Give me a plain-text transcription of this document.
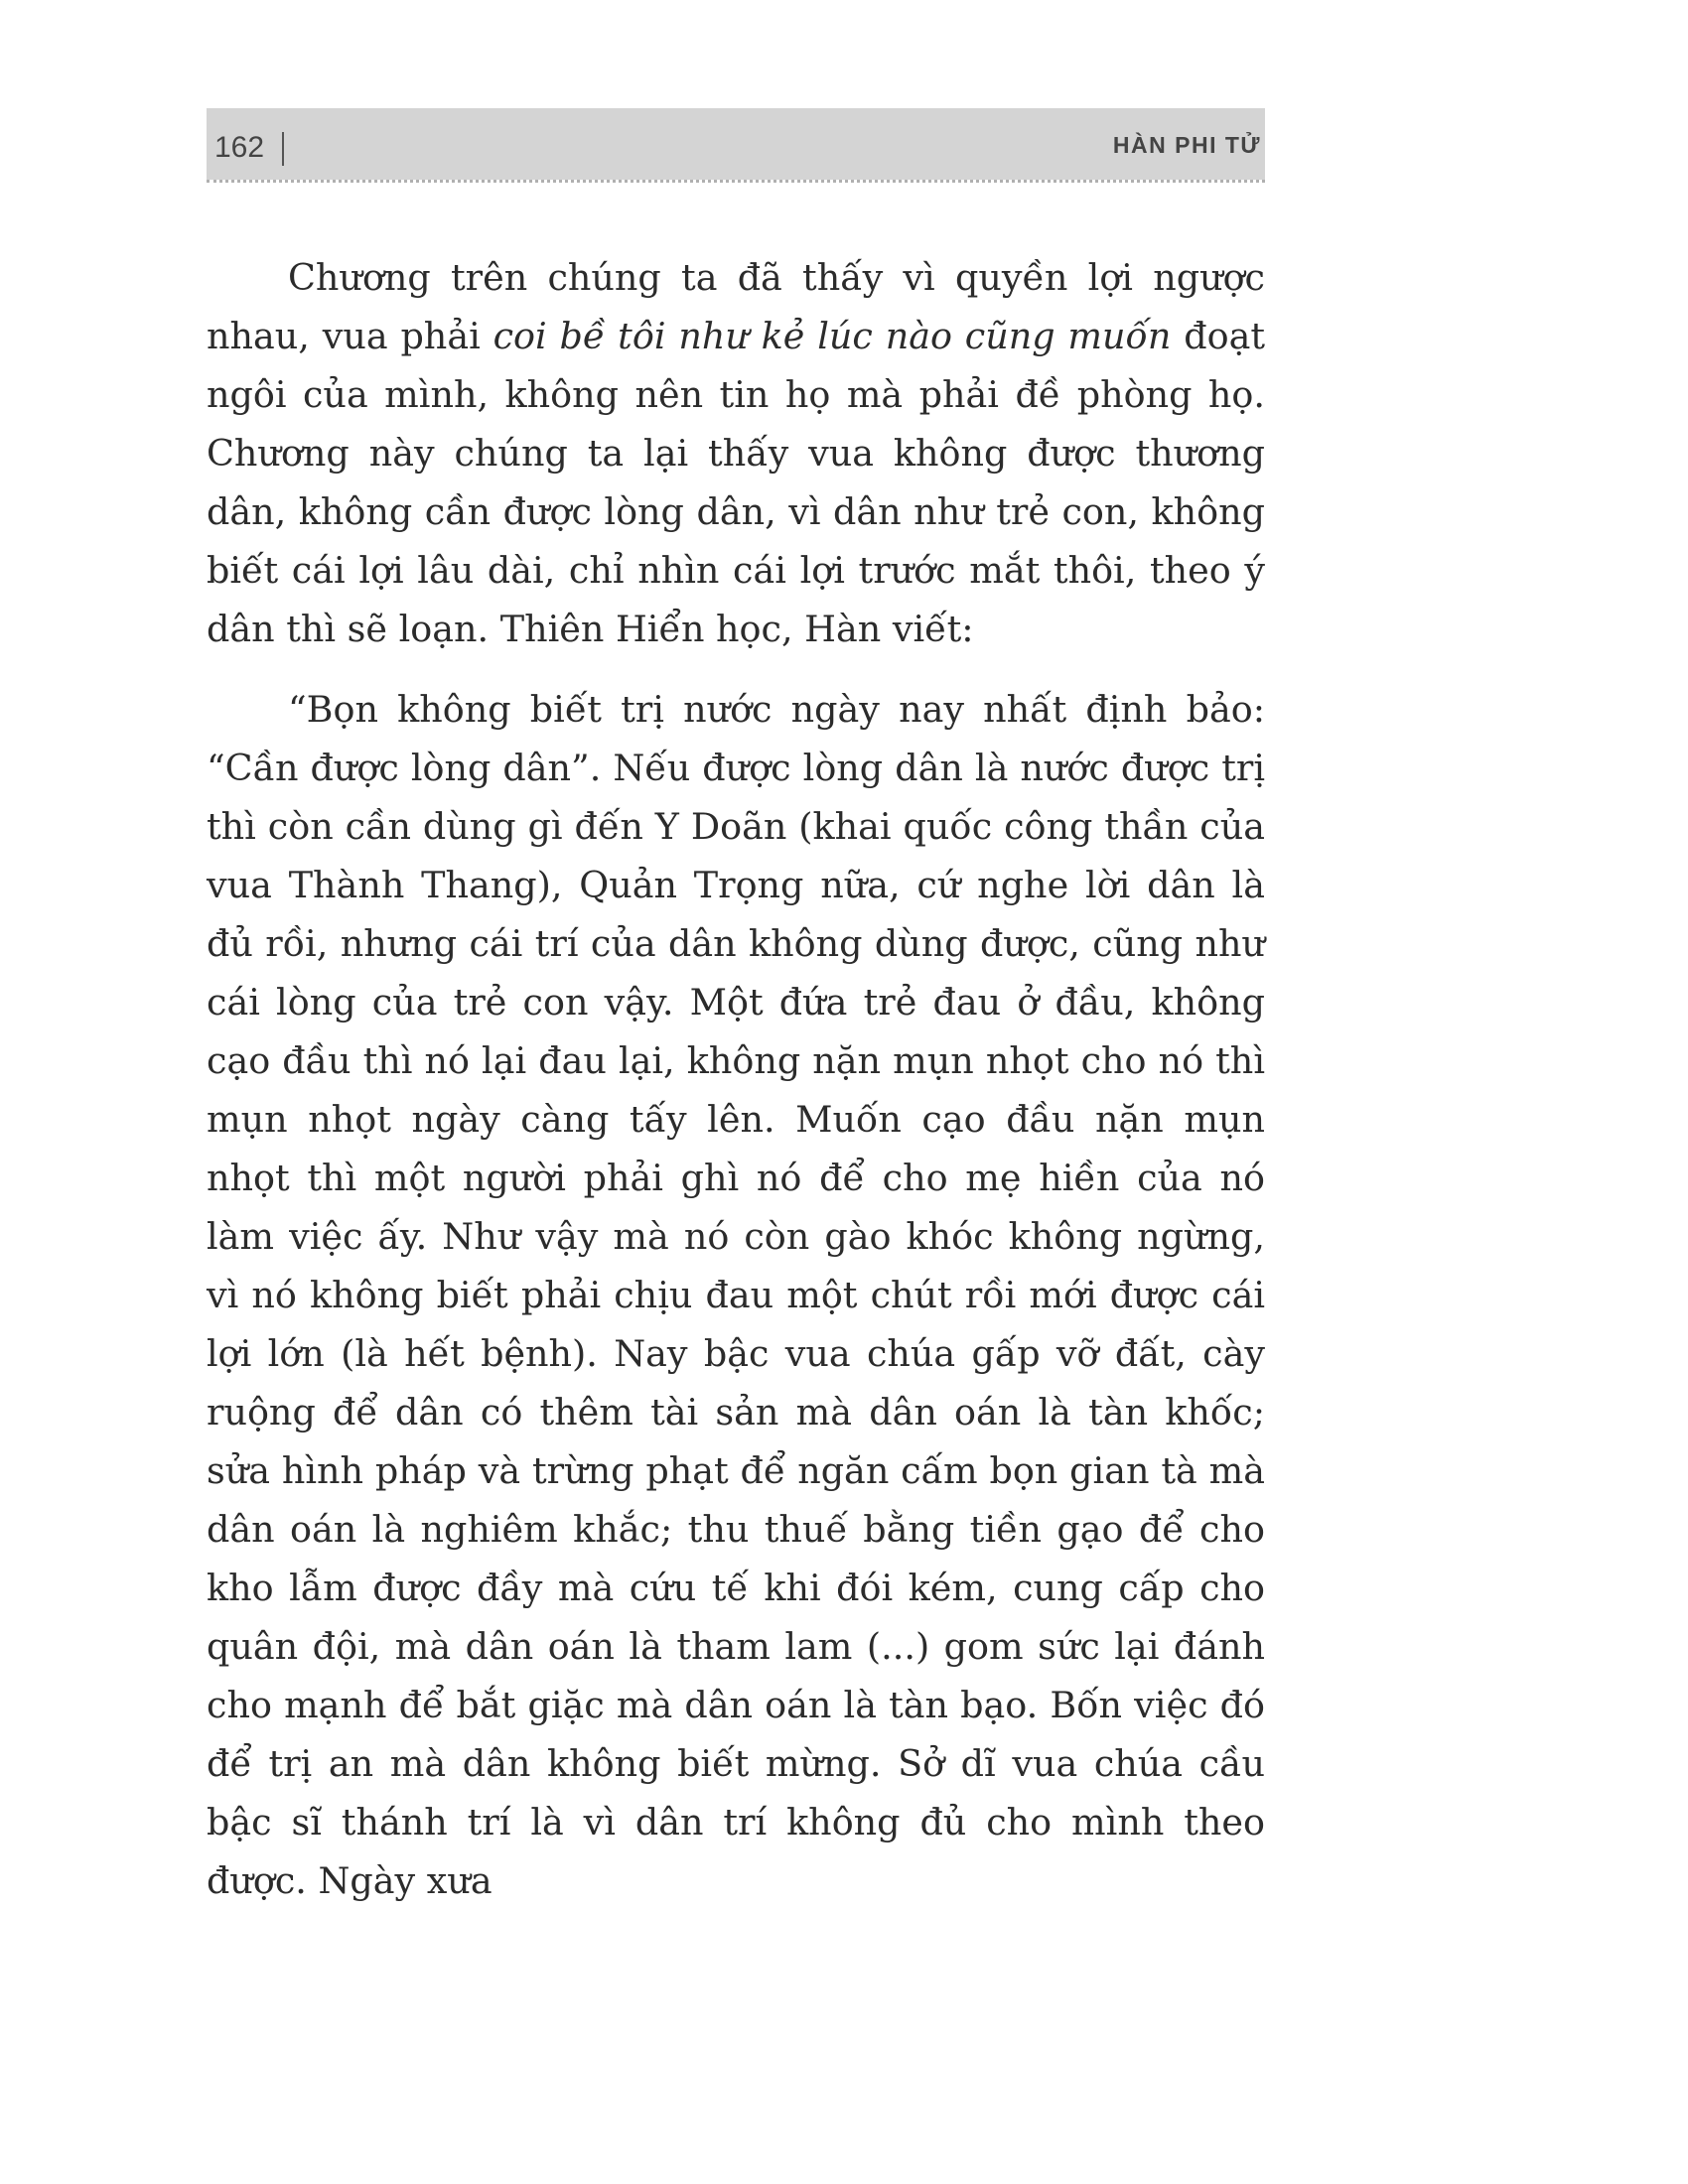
162	HÀN PHI TỬ

Chương trên chúng ta đã thấy vì quyền lợi ngược nhau, vua phải coi bề tôi như kẻ lúc nào cũng muốn đoạt ngôi của mình, không nên tin họ mà phải đề phòng họ. Chương này chúng ta lại thấy vua không được thương dân, không cần được lòng dân, vì dân như trẻ con, không biết cái lợi lâu dài, chỉ nhìn cái lợi trước mắt thôi, theo ý dân thì sẽ loạn. Thiên Hiển học, Hàn viết:

“Bọn không biết trị nước ngày nay nhất định bảo: “Cần được lòng dân”. Nếu được lòng dân là nước được trị thì còn cần dùng gì đến Y Doãn (khai quốc công thần của vua Thành Thang), Quản Trọng nữa, cứ nghe lời dân là đủ rồi, nhưng cái trí của dân không dùng được, cũng như cái lòng của trẻ con vậy. Một đứa trẻ đau ở đầu, không cạo đầu thì nó lại đau lại, không nặn mụn nhọt cho nó thì mụn nhọt ngày càng tấy lên. Muốn cạo đầu nặn mụn nhọt thì một người phải ghì nó để cho mẹ hiền của nó làm việc ấy. Như vậy mà nó còn gào khóc không ngừng, vì nó không biết phải chịu đau một chút rồi mới được cái lợi lớn (là hết bệnh). Nay bậc vua chúa gấp vỡ đất, cày ruộng để dân có thêm tài sản mà dân oán là tàn khốc; sửa hình pháp và trừng phạt để ngăn cấm bọn gian tà mà dân oán là nghiêm khắc; thu thuế bằng tiền gạo để cho kho lẫm được đầy mà cứu tế khi đói kém, cung cấp cho quân đội, mà dân oán là tham lam (...) gom sức lại đánh cho mạnh để bắt giặc mà dân oán là tàn bạo. Bốn việc đó để trị an mà dân không biết mừng. Sở dĩ vua chúa cầu bậc sĩ thánh trí là vì dân trí không đủ cho mình theo được. Ngày xưa
